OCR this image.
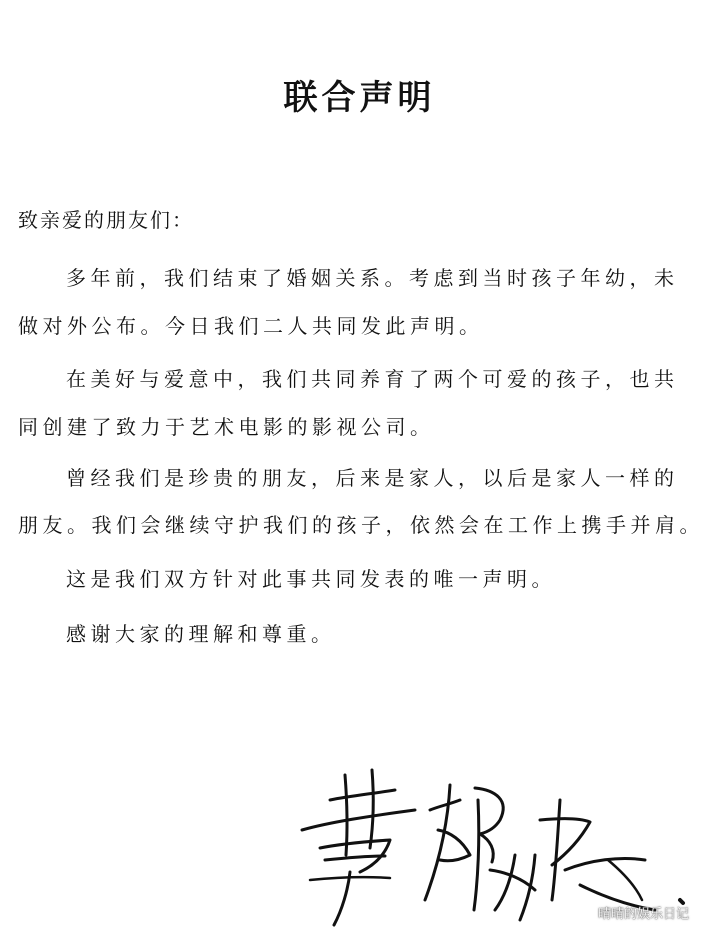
联合声明
致亲爱的朋友们：
多年前，我们结束了婚姻关系。考虑到当时孩子年幼，未
做对外公布。今日我们二人共同发此声明。
在美好与爱意中，我们共同养育了两个可爱的孩子，也共
同创建了致力于艺术电影的影视公司。
曾经我们是珍贵的朋友，后来是家人，以后是家人一样的
朋友。我们会继续守护我们的孩子，依然会在工作上携手并肩。
这是我们双方针对此事共同发表的唯一声明。
感谢大家的理解和尊重。
晴晴的娱乐日记
